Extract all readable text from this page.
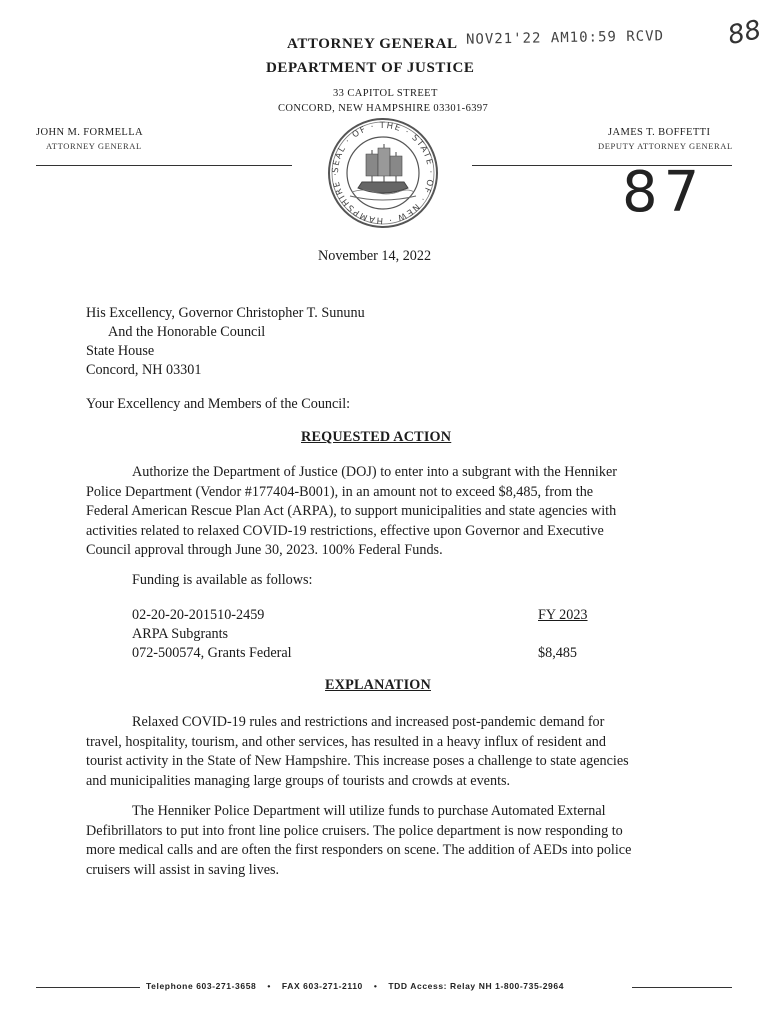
ATTORNEY GENERAL NOV21'22 AM10:59 RCVD 88
DEPARTMENT OF JUSTICE
33 CAPITOL STREET
CONCORD, NEW HAMPSHIRE 03301-6397
JOHN M. FORMELLA
ATTORNEY GENERAL
JAMES T. BOFFETTI
DEPUTY ATTORNEY GENERAL
87
SEAL · OF · THE · STATE · OF · NEW · HAMPSHIRE ·
November 14, 2022
His Excellency, Governor Christopher T. Sununu
And the Honorable Council
State House
Concord, NH 03301
Your Excellency and Members of the Council:
REQUESTED ACTION
Authorize the Department of Justice (DOJ) to enter into a subgrant with the Henniker
Police Department (Vendor #177404-B001), in an amount not to exceed $8,485, from the
Federal American Rescue Plan Act (ARPA), to support municipalities and state agencies with
activities related to relaxed COVID-19 restrictions, effective upon Governor and Executive
Council approval through June 30, 2023. 100% Federal Funds.
Funding is available as follows:
02-20-20-201510-2459	FY 2023
ARPA Subgrants
072-500574, Grants Federal	$8,485
EXPLANATION
Relaxed COVID-19 rules and restrictions and increased post-pandemic demand for
travel, hospitality, tourism, and other services, has resulted in a heavy influx of resident and
tourist activity in the State of New Hampshire. This increase poses a challenge to state agencies
and municipalities managing large groups of tourists and crowds at events.
The Henniker Police Department will utilize funds to purchase Automated External
Defibrillators to put into front line police cruisers. The police department is now responding to
more medical calls and are often the first responders on scene. The addition of AEDs into police
cruisers will assist in saving lives.
Telephone 603-271-3658 • FAX 603-271-2110 • TDD Access: Relay NH 1-800-735-2964
